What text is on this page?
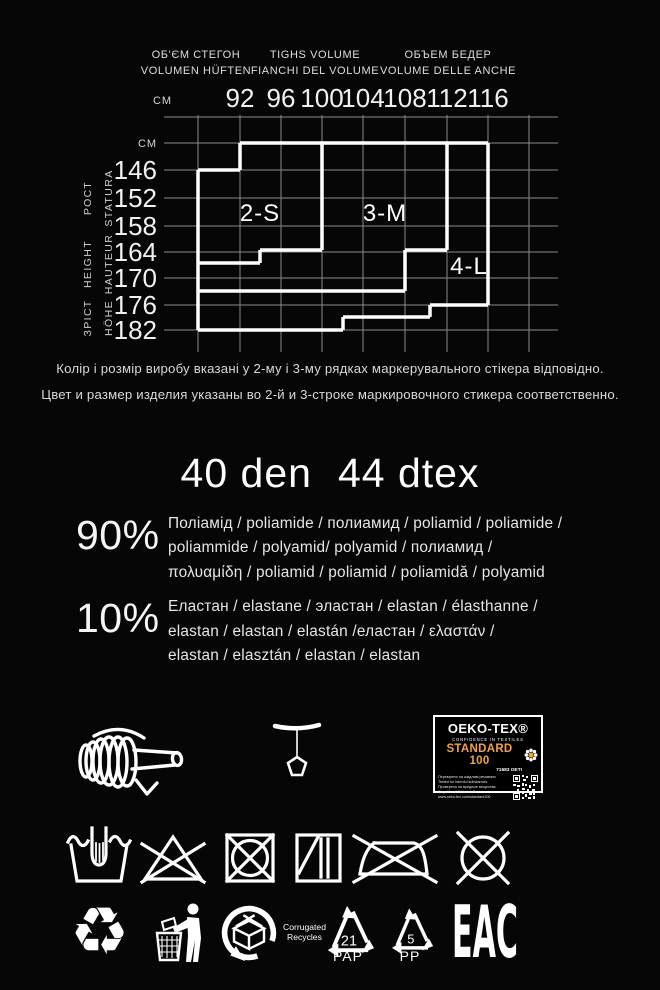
ОБ'ЄМ СТЕГОН
VOLUMEN HÜFTEN
TIGHS VOLUME
FIANCHI DEL VOLUME
ОБЪЕМ БЕДЕР
VOLUME DELLE ANCHE
СМ 92 96 100
104
108 112 116
СМ
146
152
158
164
170
176
182
РОСТ STATURA
HEIGHT HAUTEUR
ЗРІСТ HÖHE
2-S	3-M
4-L
Колір і розмір виробу вказані у 2-му і 3-му рядках маркерувального стікера відповідно.
Цвет и размер изделия указаны во 2-й и 3-строке маркировочного стикера соответственно.
40 den 44 dtex
90% Поліамід / poliamide / полиамид / poliamid / poliamide /
poliammide / polyamid/ polyamid / полиамид /
πολυαμίδη / poliamid / poliamid / poliamidă / polyamid
10% Еластан / elastane / эластан / elastan / élasthanne /
elastan / elastan / elastán /еластан / ελαστάν /
elastan / elasztán / elastan / elastan
OEKO-TEX®
CONFIDENCE IN TEXTILES
STANDARD 100
71683 OETI
Перевірено на шкідливі речовини.
Tested for harmful substances.
Проверено на вредные вещества.
Geprüft auf Schadstoffe.
www.oeko-tex.com/standard100
♻	Corrugated
Recycles 21
PAP
5
PP EAC
